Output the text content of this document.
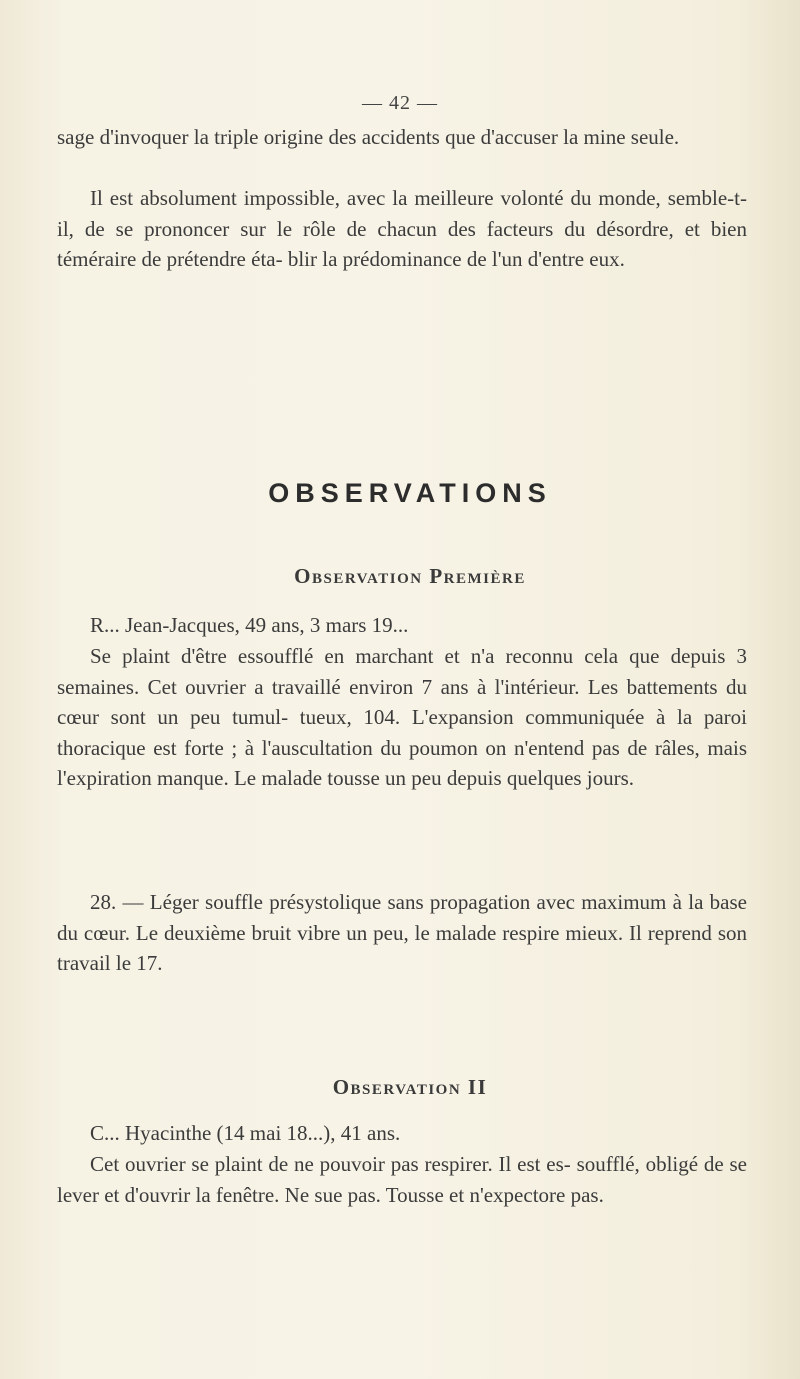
— 42 —

sage d'invoquer la triple origine des accidents que d'accuser la mine seule.

Il est absolument impossible, avec la meilleure volonté du monde, semble-t-il, de se prononcer sur le rôle de chacun des facteurs du désordre, et bien téméraire de prétendre éta- blir la prédominance de l'un d'entre eux.

OBSERVATIONS
Observation Première

R... Jean-Jacques, 49 ans, 3 mars 19...

Se plaint d'être essoufflé en marchant et n'a reconnu cela que depuis 3 semaines. Cet ouvrier a travaillé environ 7 ans à l'intérieur. Les battements du cœur sont un peu tumul- tueux, 104. L'expansion communiquée à la paroi thoracique est forte ; à l'auscultation du poumon on n'entend pas de râles, mais l'expiration manque. Le malade tousse un peu depuis quelques jours.

28. — Léger souffle présystolique sans propagation avec maximum à la base du cœur. Le deuxième bruit vibre un peu, le malade respire mieux. Il reprend son travail le 17.

Observation II

C... Hyacinthe (14 mai 18...), 41 ans.

Cet ouvrier se plaint de ne pouvoir pas respirer. Il est es- soufflé, obligé de se lever et d'ouvrir la fenêtre. Ne sue pas. Tousse et n'expectore pas.
